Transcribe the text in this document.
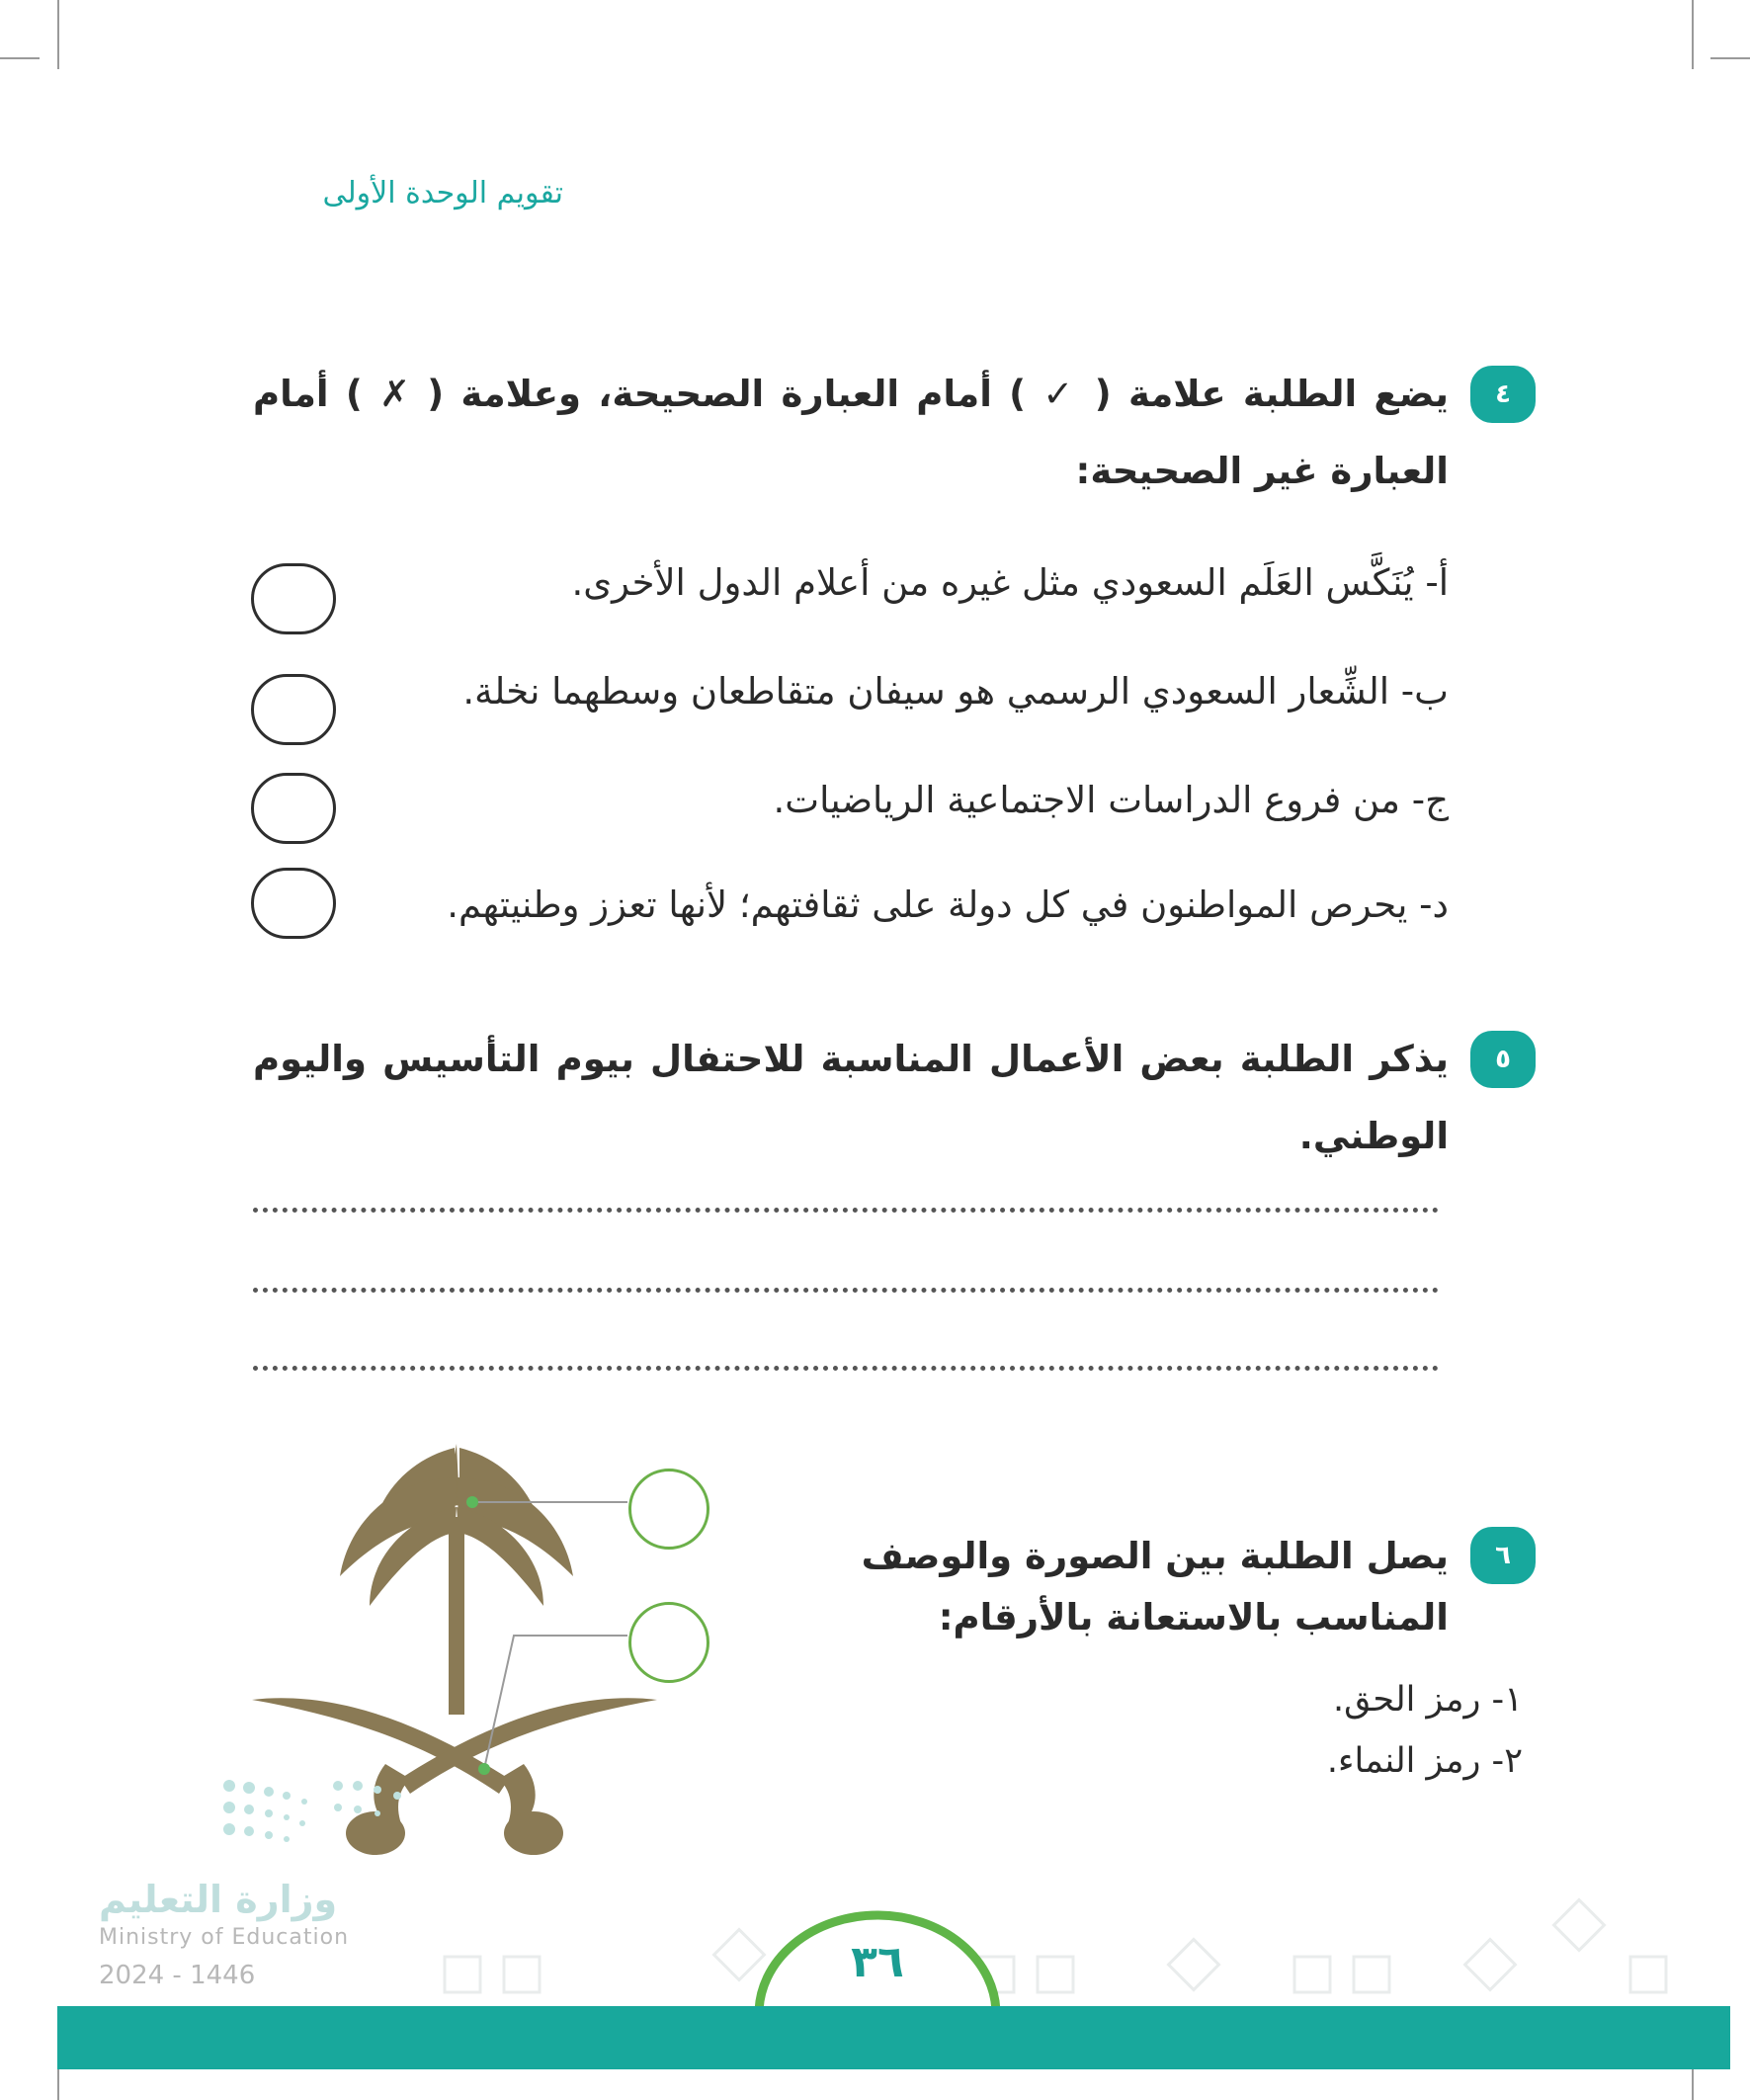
تقويم الوحدة الأولى
٤
يضع الطلبة علامة ( ✓ ) أمام العبارة الصحيحة، وعلامة ( ✗ ) أمام العبارة غير الصحيحة:
أ- يُنَكَّس العَلَم السعودي مثل غيره من أعلام الدول الأخرى.
ب- الشِّعار السعودي الرسمي هو سيفان متقاطعان وسطهما نخلة.
ج- من فروع الدراسات الاجتماعية الرياضيات.
د- يحرص المواطنون في كل دولة على ثقافتهم؛ لأنها تعزز وطنيتهم.
٥
يذكر الطلبة بعض الأعمال المناسبة للاحتفال بيوم التأسيس واليوم الوطني.
٦
يصل الطلبة بين الصورة والوصف
المناسب بالاستعانة بالأرقام:
١- رمز الحق.
٢- رمز النماء.
وزارة التعليم
Ministry of Education
2024 - 1446	٣٦
